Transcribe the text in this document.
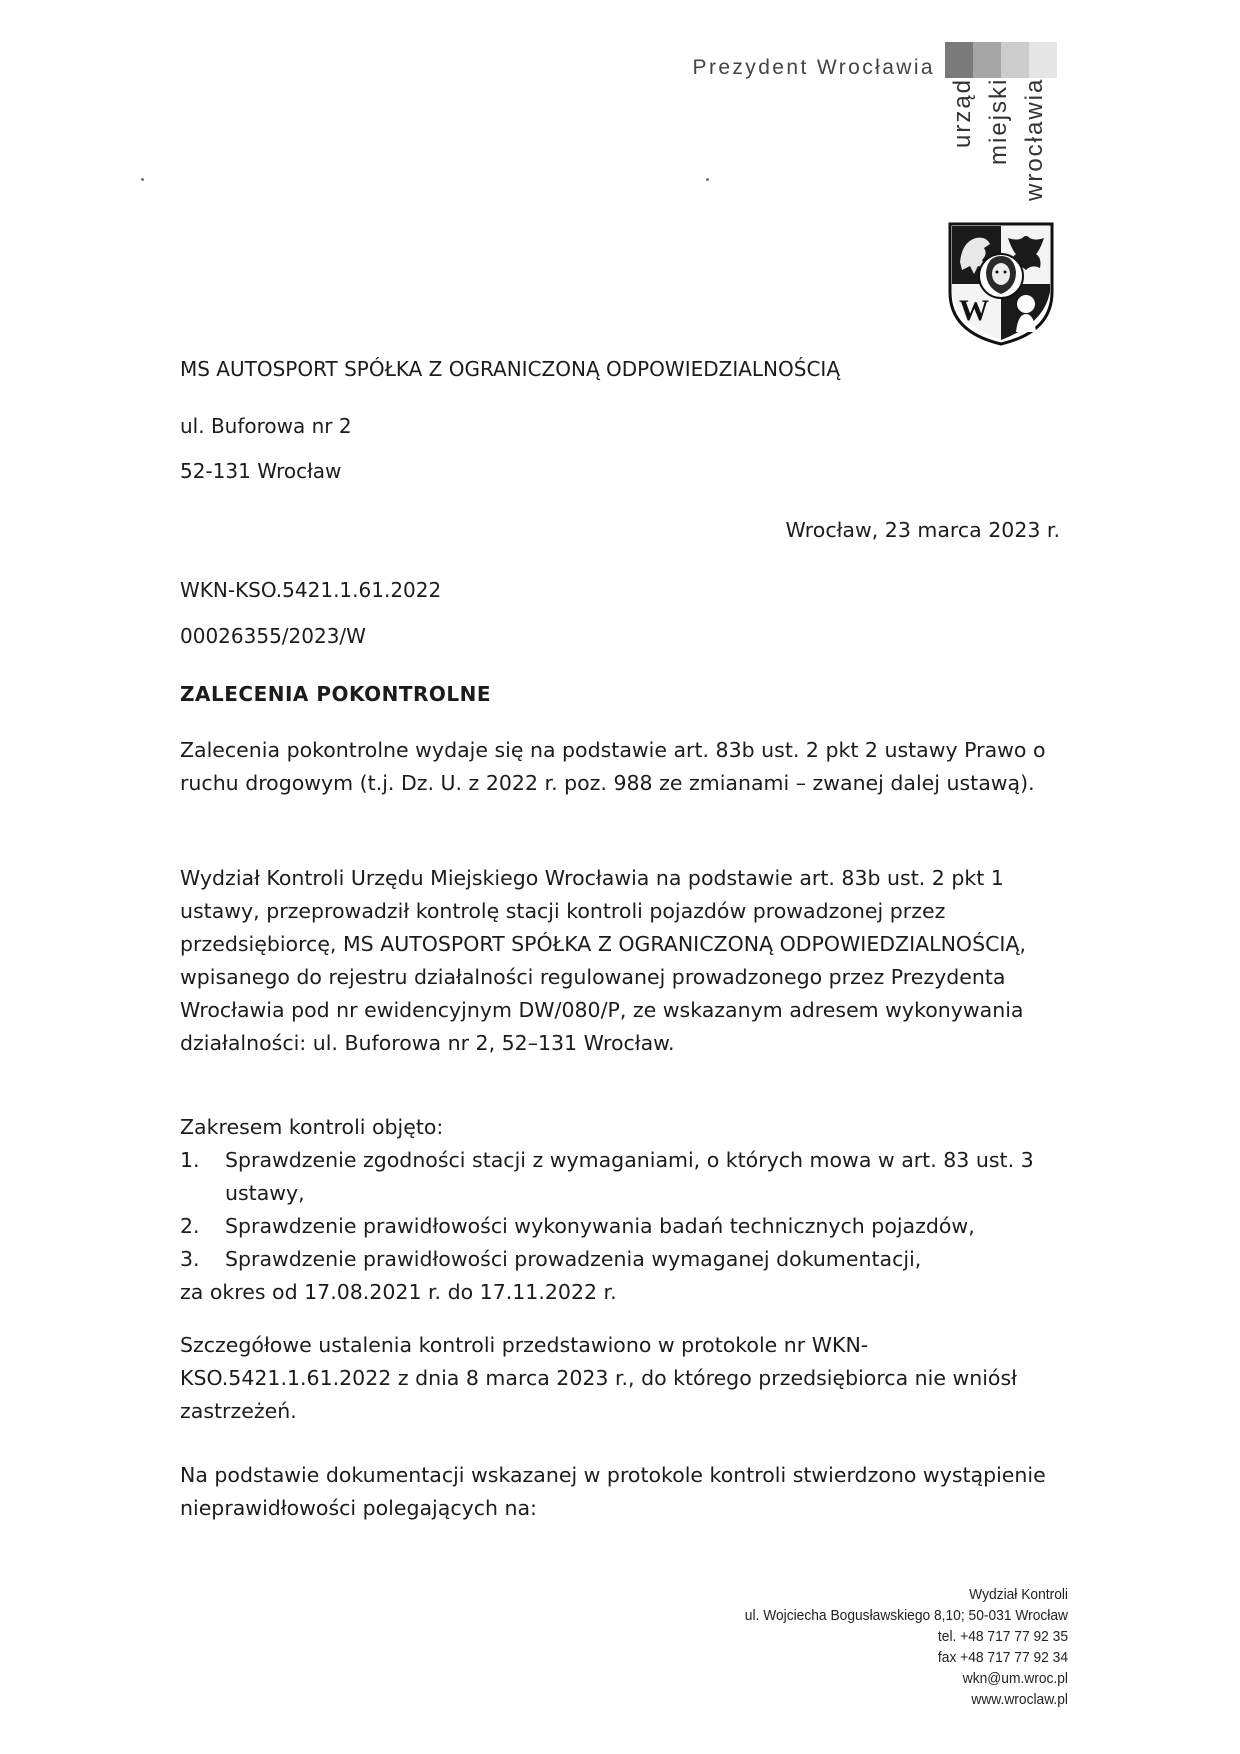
Prezydent Wrocławia
urząd miejski wrocławia
W
MS AUTOSPORT SPÓŁKA Z OGRANICZONĄ ODPOWIEDZIALNOŚCIĄ
ul. Buforowa nr 2
52-131 Wrocław
Wrocław, 23 marca 2023 r.
WKN-KSO.5421.1.61.2022
00026355/2023/W
ZALECENIA POKONTROLNE
Zalecenia pokontrolne wydaje się na podstawie art. 83b ust. 2 pkt 2 ustawy Prawo o ruchu drogowym (t.j. Dz. U. z 2022 r. poz. 988 ze zmianami – zwanej dalej ustawą).
Wydział Kontroli Urzędu Miejskiego Wrocławia na podstawie art. 83b ust. 2 pkt 1 ustawy, przeprowadził kontrolę stacji kontroli pojazdów prowadzonej przez przedsiębiorcę, MS AUTOSPORT SPÓŁKA Z OGRANICZONĄ ODPOWIEDZIALNOŚCIĄ, wpisanego do rejestru działalności regulowanej prowadzonego przez Prezydenta Wrocławia pod nr ewidencyjnym DW/080/P, ze wskazanym adresem wykonywania działalności: ul. Buforowa nr 2, 52–131 Wrocław.
Zakresem kontroli objęto:
1.	Sprawdzenie zgodności stacji z wymaganiami, o których mowa w art. 83 ust. 3 ustawy,
2.	Sprawdzenie prawidłowości wykonywania badań technicznych pojazdów,
3.	Sprawdzenie prawidłowości prowadzenia wymaganej dokumentacji,
za okres od 17.08.2021 r. do 17.11.2022 r.
Szczegółowe ustalenia kontroli przedstawiono w protokole nr WKN-KSO.5421.1.61.2022 z dnia 8 marca 2023 r., do którego przedsiębiorca nie wniósł zastrzeżeń.
Na podstawie dokumentacji wskazanej w protokole kontroli stwierdzono wystąpienie nieprawidłowości polegających na:
Wydział Kontroli
ul. Wojciecha Bogusławskiego 8,10; 50-031 Wrocław
tel. +48 717 77 92 35
fax +48 717 77 92 34
wkn@um.wroc.pl
www.wroclaw.pl
